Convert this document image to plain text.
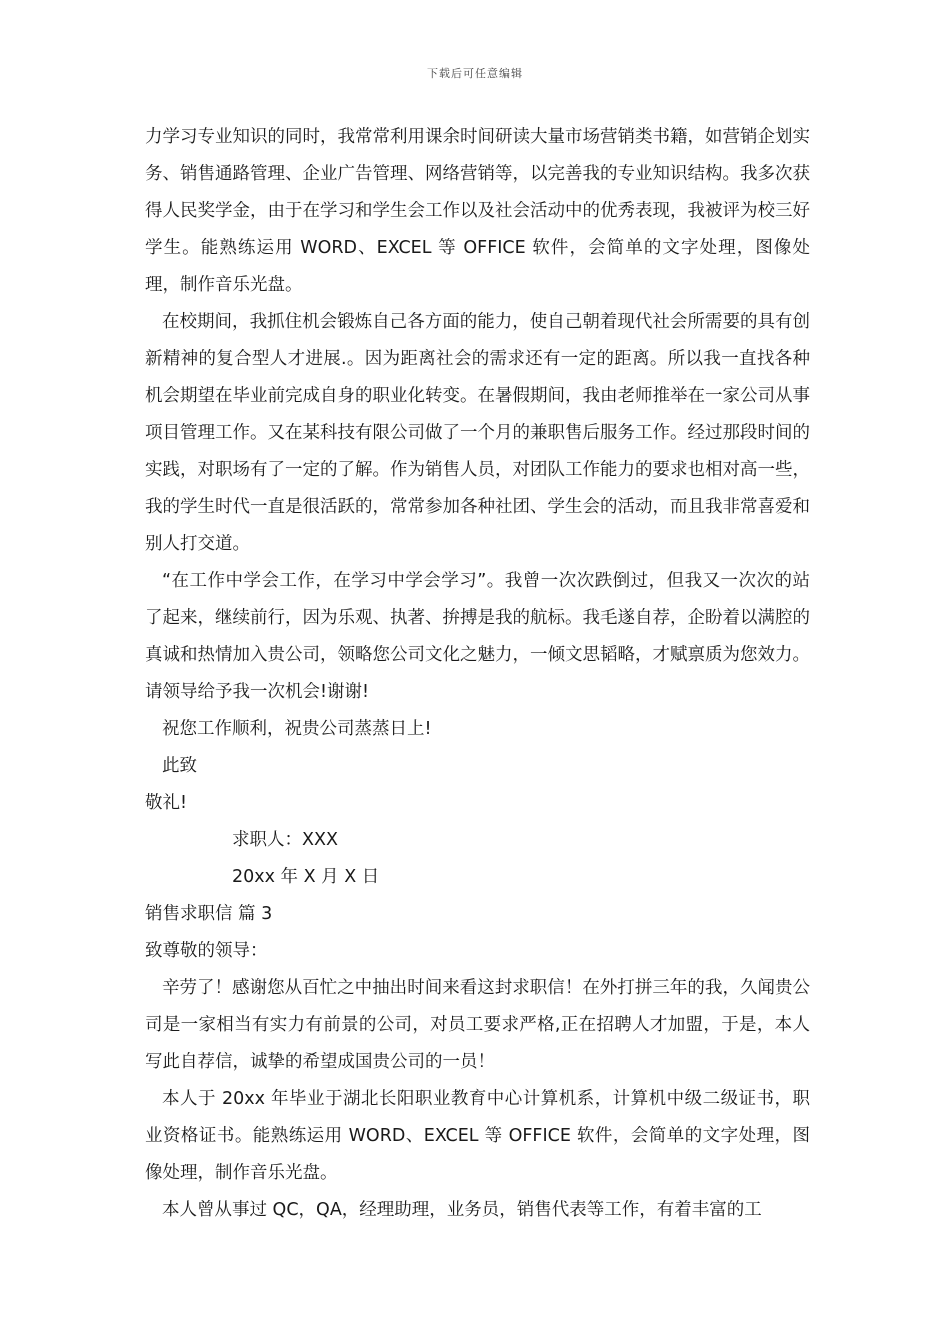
下载后可任意编辑

力学习专业知识的同时，我常常利用课余时间研读大量市场营销类书籍，如营销企划实务、销售通路管理、企业广告管理、网络营销等，以完善我的专业知识结构。我多次获得人民奖学金，由于在学习和学生会工作以及社会活动中的优秀表现，我被评为校三好学生。能熟练运用 WORD、EXCEL 等 OFFICE 软件，会简单的文字处理，图像处理，制作音乐光盘。

在校期间，我抓住机会锻炼自己各方面的能力，使自己朝着现代社会所需要的具有创新精神的复合型人才进展.。因为距离社会的需求还有一定的距离。所以我一直找各种机会期望在毕业前完成自身的职业化转变。在暑假期间，我由老师推举在一家公司从事项目管理工作。又在某科技有限公司做了一个月的兼职售后服务工作。经过那段时间的实践，对职场有了一定的了解。作为销售人员，对团队工作能力的要求也相对高一些，我的学生时代一直是很活跃的，常常参加各种社团、学生会的活动，而且我非常喜爱和别人打交道。

“在工作中学会工作，在学习中学会学习”。我曾一次次跌倒过，但我又一次次的站了起来，继续前行，因为乐观、执著、拚搏是我的航标。我毛遂自荐，企盼着以满腔的真诚和热情加入贵公司，领略您公司文化之魅力，一倾文思韬略，才赋禀质为您效力。请领导给予我一次机会!谢谢!

祝您工作顺利，祝贵公司蒸蒸日上!

此致

敬礼!

求职人：XXX

20xx 年 X 月 X 日

销售求职信 篇 3

致尊敬的领导：

辛劳了！感谢您从百忙之中抽出时间来看这封求职信！在外打拼三年的我，久闻贵公司是一家相当有实力有前景的公司，对员工要求严格,正在招聘人才加盟，于是，本人写此自荐信，诚挚的希望成国贵公司的一员！

本人于 20xx 年毕业于湖北长阳职业教育中心计算机系，计算机中级二级证书，职业资格证书。能熟练运用 WORD、EXCEL 等 OFFICE 软件，会简单的文字处理，图像处理，制作音乐光盘。

本人曾从事过 QC，QA，经理助理，业务员，销售代表等工作，有着丰富的工
